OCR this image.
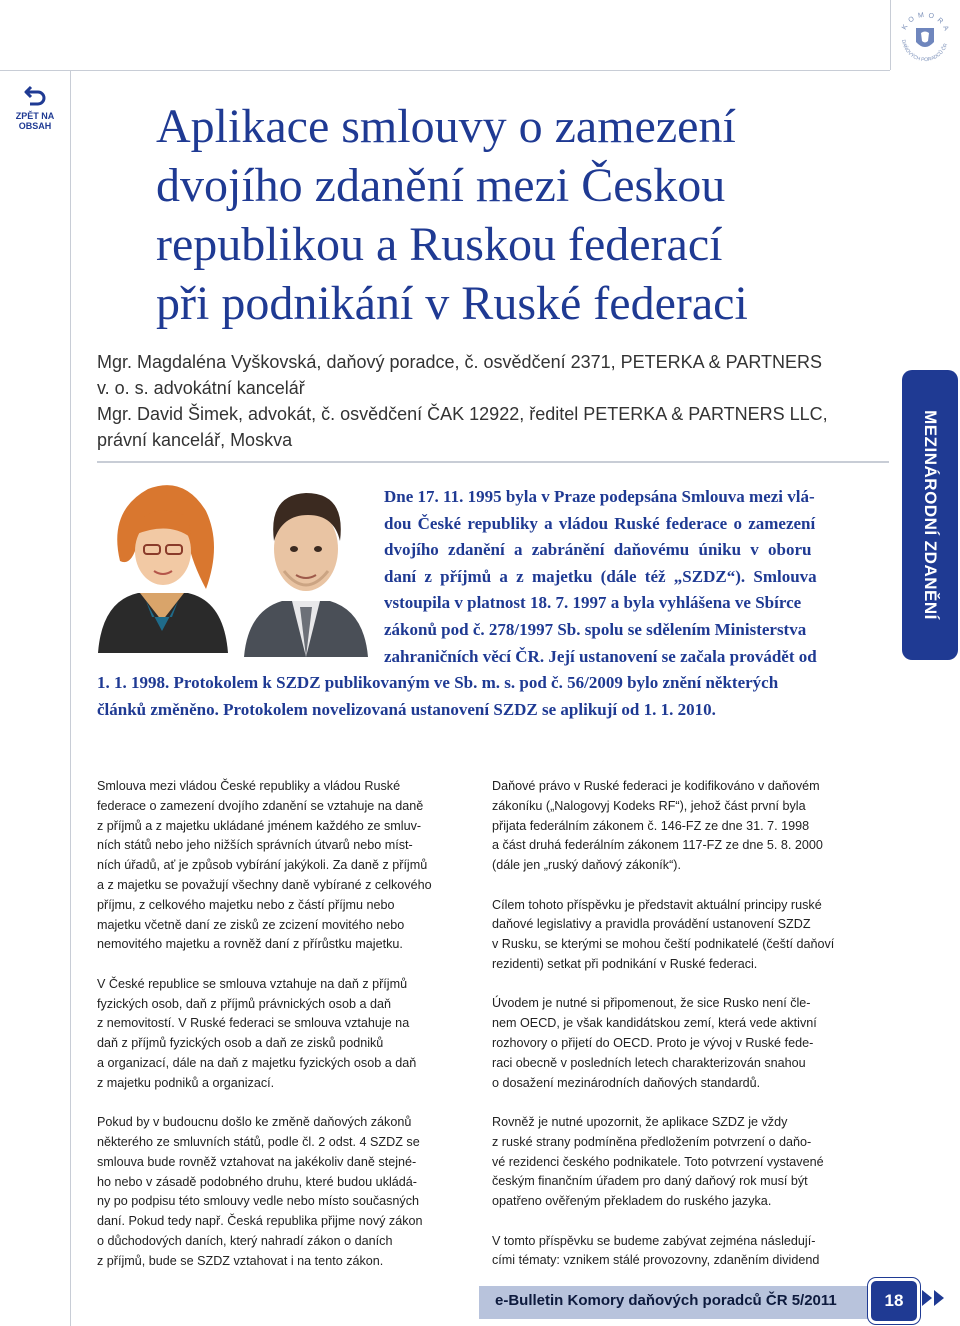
ZPĚT NA
OBSAH
K O M O R A
DAŇOVÝCH PORADCŮ ČR
Aplikace smlouvy o zamezení
dvojího zdanění mezi Českou
republikou a Ruskou federací
při podnikání v Ruské federaci
Mgr. Magdaléna Vyškovská, daňový poradce, č. osvědčení 2371, PETERKA & PARTNERS
v. o. s. advokátní kancelář
Mgr. David Šimek, advokát, č. osvědčení ČAK 12922, ředitel PETERKA & PARTNERS LLC,
právní kancelář, Moskva
Dne 17. 11. 1995 byla v Praze podepsána Smlouva mezi vlá-
dou České republiky a vládou Ruské federace o zamezení
dvojího zdanění a zabránění daňovému úniku v oboru
daní z příjmů a z majetku (dále též „SZDZ“). Smlouva
vstoupila v platnost 18. 7. 1997 a byla vyhlášena ve Sbírce
zákonů pod č. 278/1997 Sb. spolu se sdělením Ministerstva
zahraničních věcí ČR. Její ustanovení se začala provádět od
1. 1. 1998. Protokolem k SZDZ publikovaným ve Sb. m. s. pod č. 56/2009 bylo znění některých
článků změněno. Protokolem novelizovaná ustanovení SZDZ se aplikují od 1. 1. 2010.
MEZINÁRODNÍ ZDANĚNÍ

Smlouva mezi vládou České republiky a vládou Ruské
federace o zamezení dvojího zdanění se vztahuje na daně
z příjmů a z majetku ukládané jménem každého ze smluv-
ních států nebo jeho nižších správních útvarů nebo míst-
ních úřadů, ať je způsob vybírání jakýkoli. Za daně z příjmů
a z majetku se považují všechny daně vybírané z celkového
příjmu, z celkového majetku nebo z částí příjmu nebo
majetku včetně daní ze zisků ze zcizení movitého nebo
nemovitého majetku a rovněž daní z přírůstku majetku.

V České republice se smlouva vztahuje na daň z příjmů
fyzických osob, daň z příjmů právnických osob a daň
z nemovitostí. V Ruské federaci se smlouva vztahuje na
daň z příjmů fyzických osob a daň ze zisků podniků
a organizací, dále na daň z majetku fyzických osob a daň
z majetku podniků a organizací.

Pokud by v budoucnu došlo ke změně daňových zákonů
některého ze smluvních států, podle čl. 2 odst. 4 SZDZ se
smlouva bude rovněž vztahovat na jakékoliv daně stejné-
ho nebo v zásadě podobného druhu, které budou ukládá-
ny po podpisu této smlouvy vedle nebo místo současných
daní. Pokud tedy např. Česká republika přijme nový zákon
o důchodových daních, který nahradí zákon o daních
z příjmů, bude se SZDZ vztahovat i na tento zákon.

Daňové právo v Ruské federaci je kodifikováno v daňovém
zákoníku („Nalogovyj Kodeks RF“), jehož část první byla
přijata federálním zákonem č. 146-FZ ze dne 31. 7. 1998
a část druhá federálním zákonem 117-FZ ze dne 5. 8. 2000
(dále jen „ruský daňový zákoník“).

Cílem tohoto příspěvku je představit aktuální principy ruské
daňové legislativy a pravidla provádění ustanovení SZDZ
v Rusku, se kterými se mohou čeští podnikatelé (čeští daňoví
rezidenti) setkat při podnikání v Ruské federaci.

Úvodem je nutné si připomenout, že sice Rusko není čle-
nem OECD, je však kandidátskou zemí, která vede aktivní
rozhovory o přijetí do OECD. Proto je vývoj v Ruské fede-
raci obecně v posledních letech charakterizován snahou
o dosažení mezinárodních daňových standardů.

Rovněž je nutné upozornit, že aplikace SZDZ je vždy
z ruské strany podmíněna předložením potvrzení o daňo-
vé rezidenci českého podnikatele. Toto potvrzení vystavené
českým finančním úřadem pro daný daňový rok musí být
opatřeno ověřeným překladem do ruského jazyka.

V tomto příspěvku se budeme zabývat zejména následují-
cími tématy: vznikem stálé provozovny, zdaněním dividend

e-Bulletin Komory daňových poradců ČR 5/2011	18
